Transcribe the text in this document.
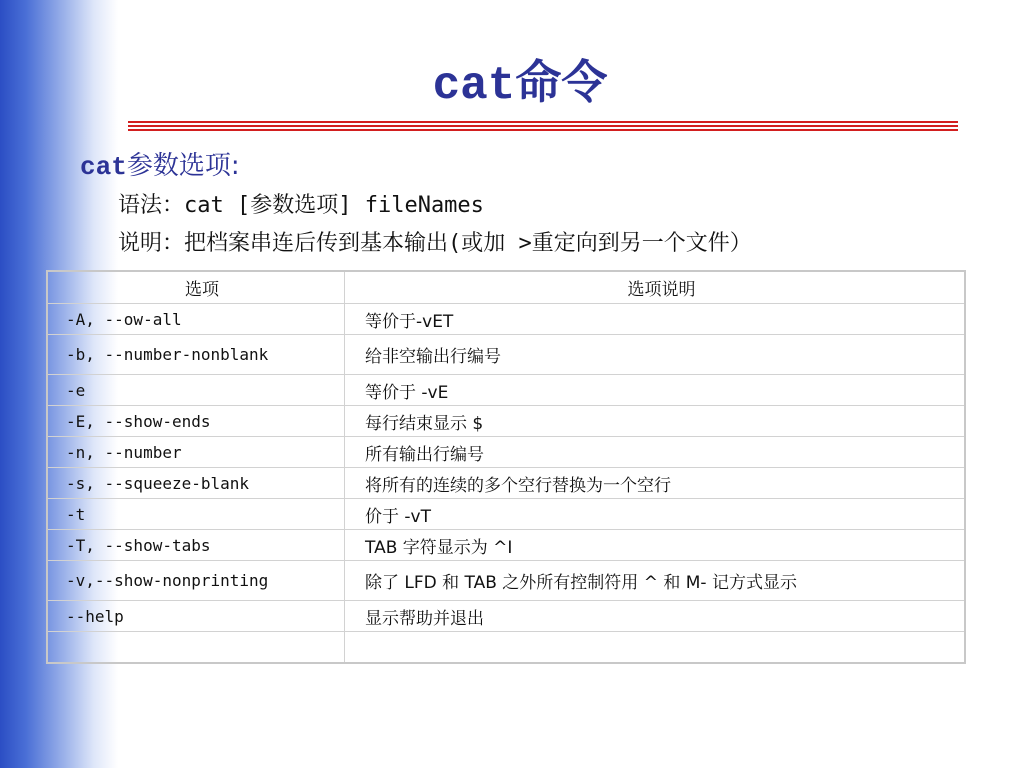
cat命令
cat参数选项:
语法：cat [参数选项] fileNames
说明：把档案串连后传到基本输出(或加 >重定向到另一个文件）
选项	选项说明
-A, --ow-all	等价于-vET
-b, --number-nonblank	给非空输出行编号
-e	等价于 -vE
-E, --show-ends	每行结束显示 $
-n, --number	所有输出行编号
-s, --squeeze-blank	将所有的连续的多个空行替换为一个空行
-t	价于 -vT
-T, --show-tabs	TAB 字符显示为 ^I
-v,--show-nonprinting	除了 LFD 和 TAB 之外所有控制符用 ^ 和 M- 记方式显示
--help	显示帮助并退出
